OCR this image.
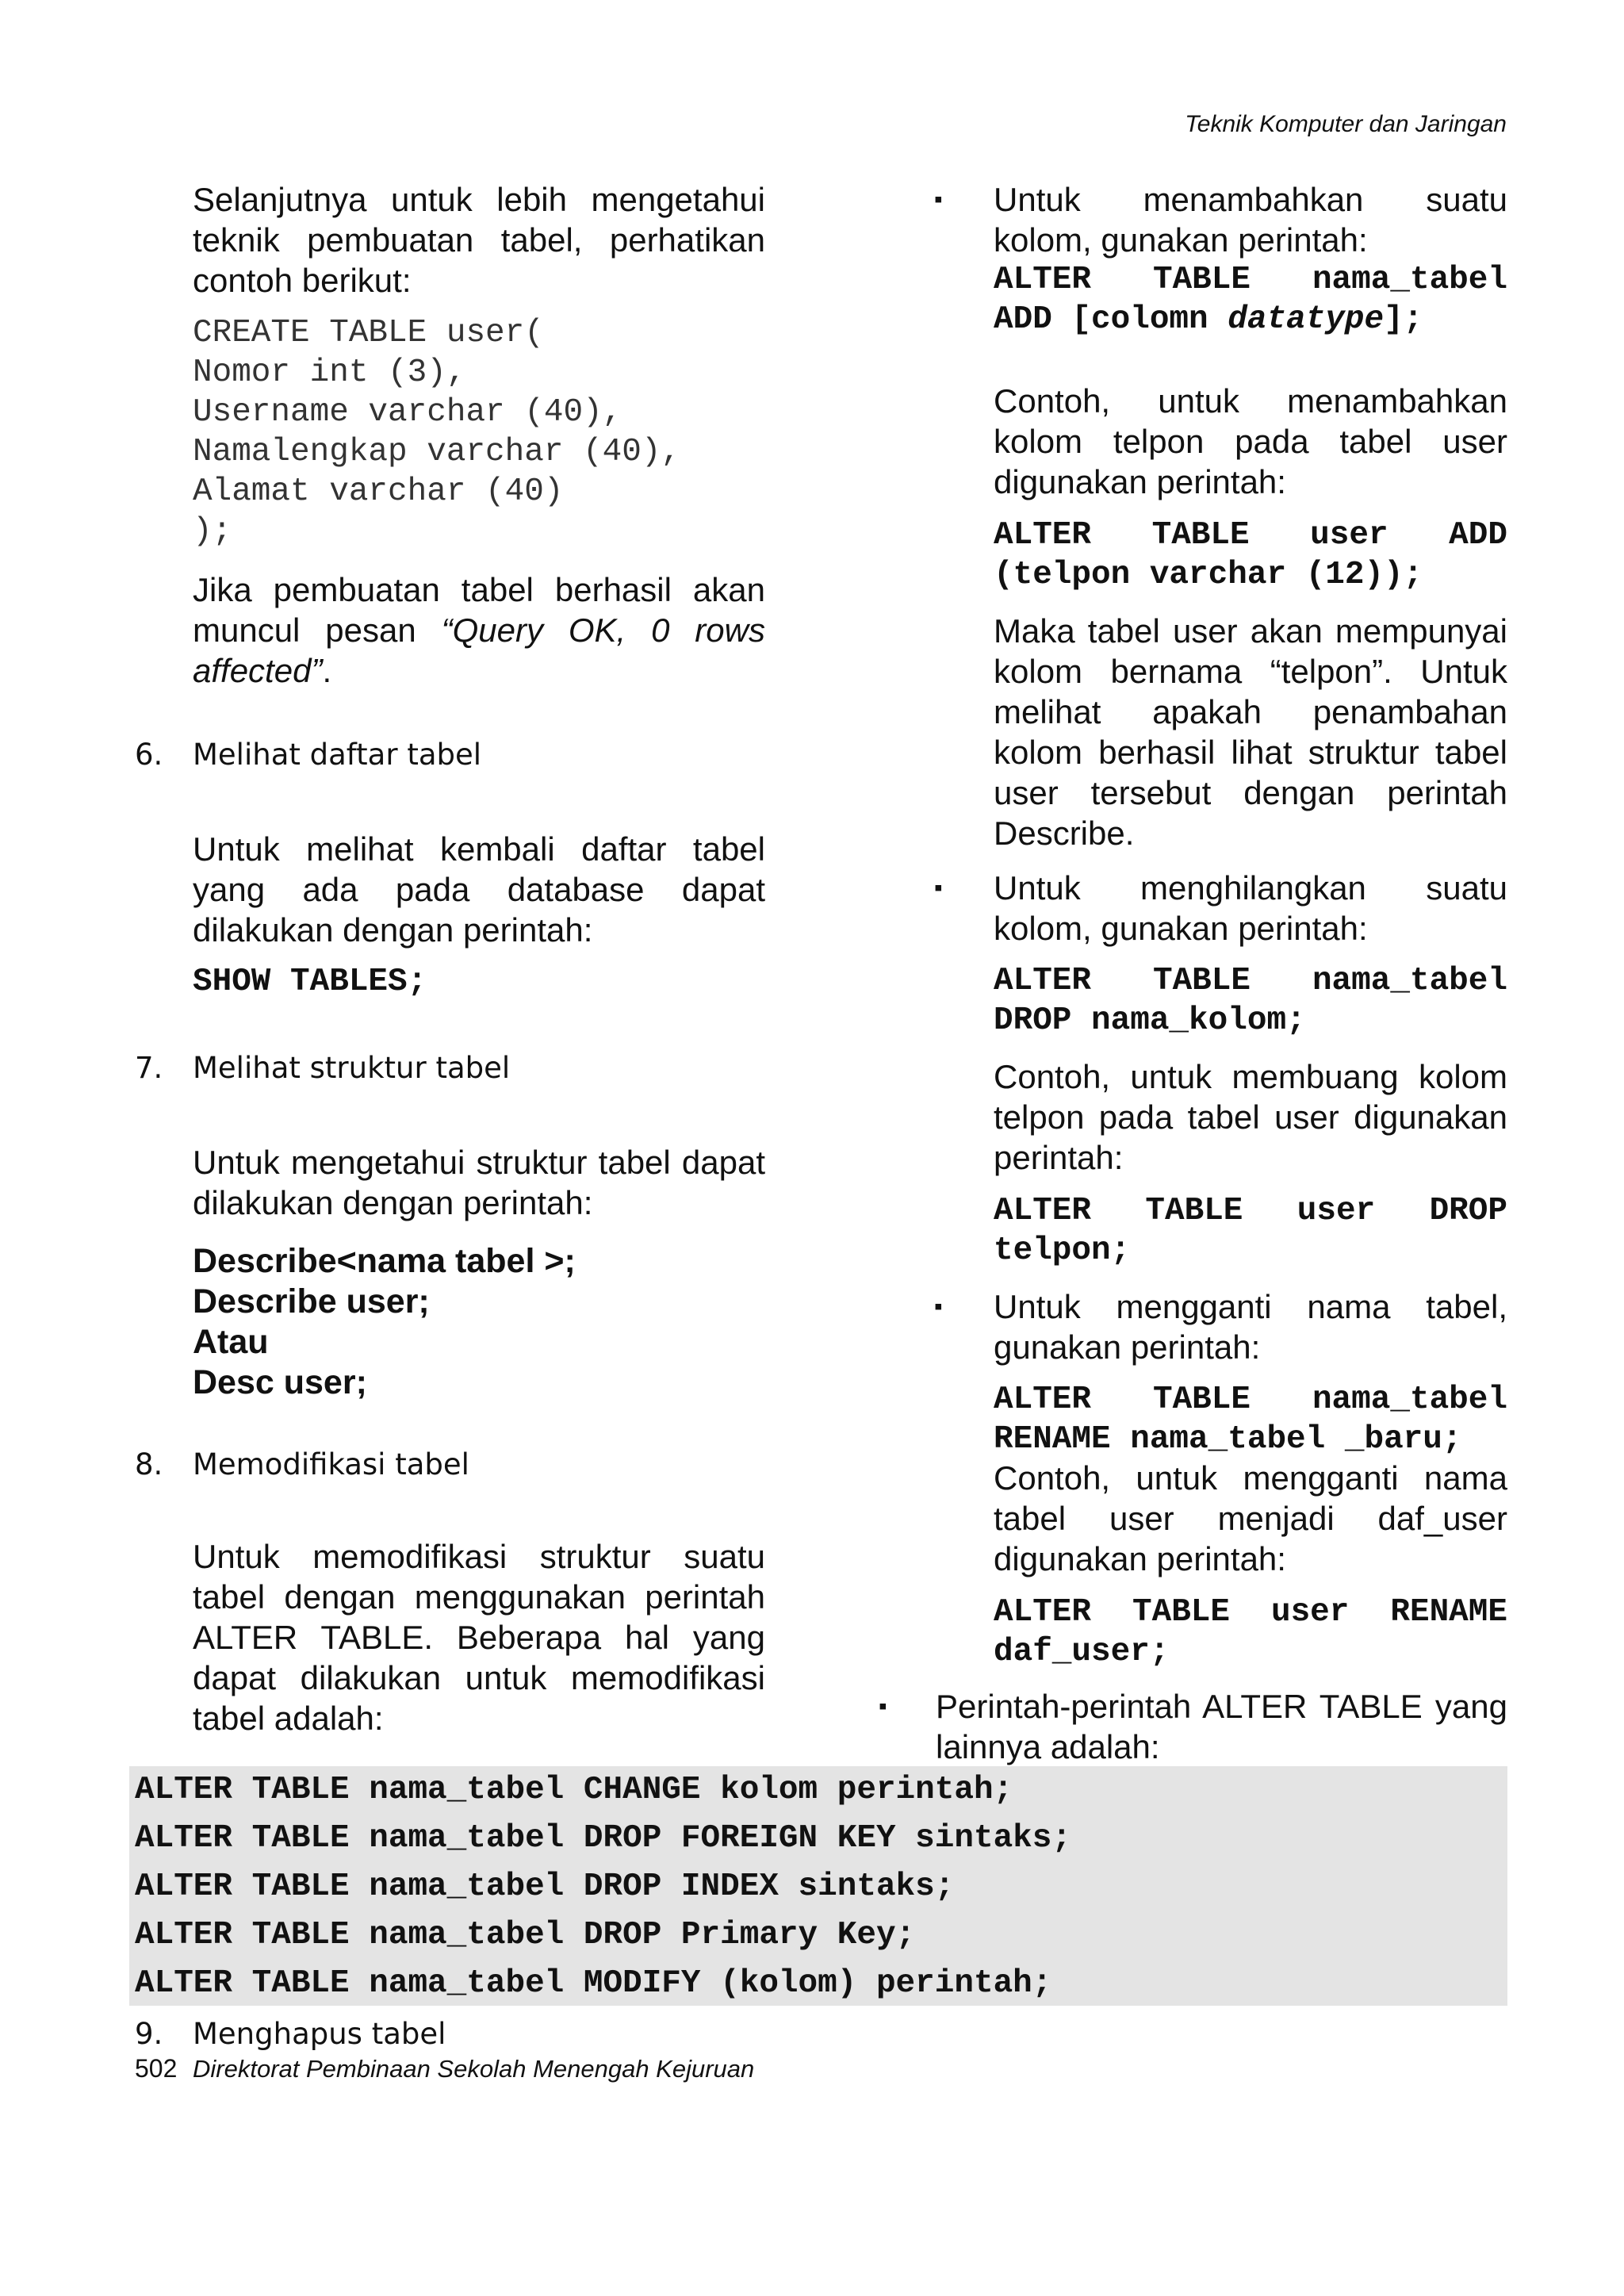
Teknik Komputer dan Jaringan
Selanjutnya untuk lebih mengetahui teknik pembuatan tabel, perhatikan contoh berikut:
CREATE TABLE user(
Nomor int (3),
Username varchar (40),
Namalengkap varchar (40),
Alamat varchar (40)
);
Jika pembuatan tabel berhasil akan muncul pesan “Query OK, 0 rows affected”.
6. Melihat daftar tabel
Untuk melihat kembali daftar tabel yang ada pada database dapat dilakukan dengan perintah:
SHOW TABLES;
7. Melihat struktur tabel
Untuk mengetahui struktur tabel dapat dilakukan dengan perintah:
Describe<nama tabel >;
Describe user;
Atau
Desc user;
8. Memodifikasi tabel
Untuk memodifikasi struktur suatu tabel dengan menggunakan perintah ALTER TABLE. Beberapa hal yang dapat dilakukan untuk memodifikasi tabel adalah:
▪ Untuk menambahkan suatu kolom, gunakan perintah:
ALTER TABLE nama_tabel
ADD [colomn datatype];
Contoh, untuk menambahkan kolom telpon pada tabel user digunakan perintah:
ALTER TABLE user ADD (telpon varchar (12));
Maka tabel user akan mempunyai kolom bernama “telpon”. Untuk melihat apakah penambahan kolom berhasil lihat struktur tabel user tersebut dengan perintah Describe.
▪ Untuk menghilangkan suatu kolom, gunakan perintah:
ALTER TABLE nama_tabel DROP nama_kolom;
Contoh, untuk membuang kolom telpon pada tabel user digunakan perintah:
ALTER TABLE user DROP telpon;
▪ Untuk mengganti nama tabel, gunakan perintah:
ALTER TABLE nama_tabel RENAME nama_tabel _baru;
Contoh, untuk mengganti nama tabel user menjadi daf_user digunakan perintah:
ALTER TABLE user RENAME daf_user;
▪ Perintah-perintah ALTER TABLE yang lainnya adalah:
ALTER TABLE nama_tabel CHANGE kolom perintah;
ALTER TABLE nama_tabel DROP FOREIGN KEY sintaks;
ALTER TABLE nama_tabel DROP INDEX sintaks;
ALTER TABLE nama_tabel DROP Primary Key;
ALTER TABLE nama_tabel MODIFY (kolom) perintah;
9. Menghapus tabel
502 Direktorat Pembinaan Sekolah Menengah Kejuruan
